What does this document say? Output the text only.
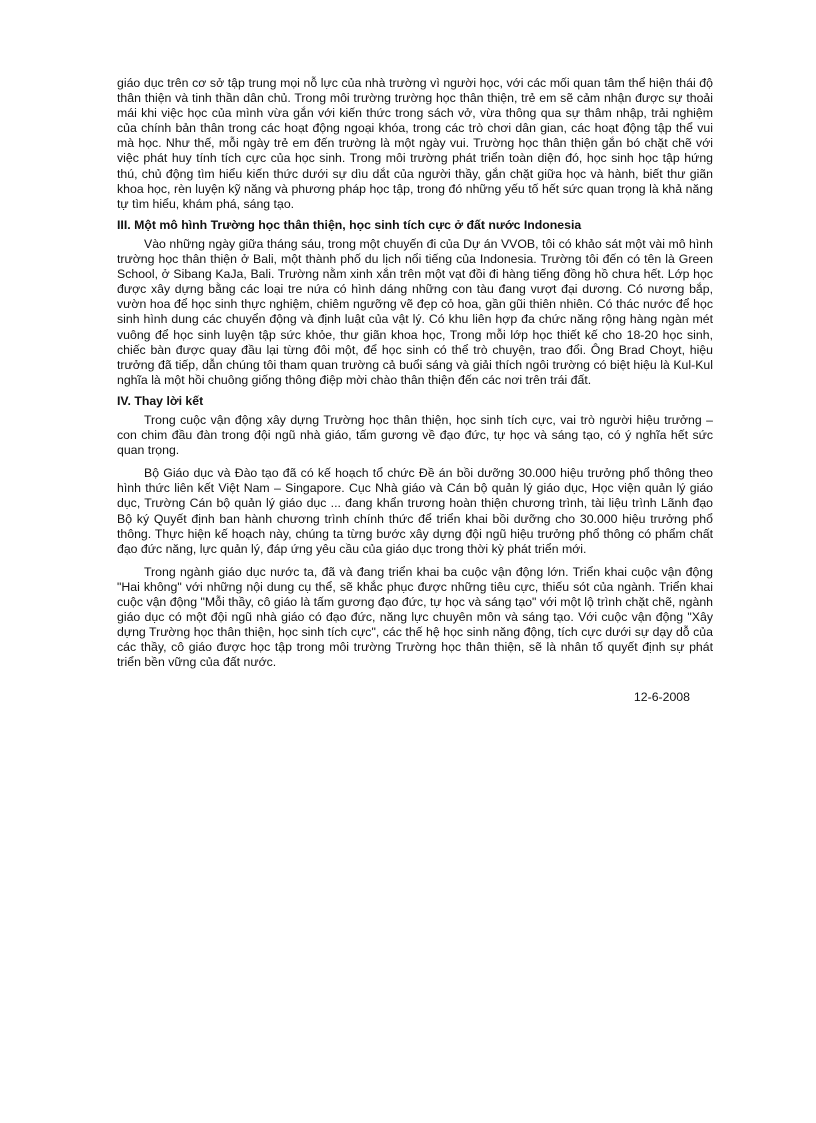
giáo dục trên cơ sở tập trung mọi nỗ lực của nhà trường vì người học, với các mối quan tâm thể hiện thái độ thân thiện và tinh thần dân chủ. Trong môi trường trường học thân thiện, trẻ em sẽ cảm nhận được sự thoải mái khi việc học của mình vừa gắn với kiến thức trong sách vở, vừa thông qua sự thâm nhập, trải nghiệm của chính bản thân trong các hoạt động ngoại khóa, trong các trò chơi dân gian, các hoạt động tập thể vui mà học. Như thế, mỗi ngày trẻ em đến trường là một ngày vui. Trường học thân thiện gắn bó chặt chẽ với việc phát huy tính tích cực của học sinh. Trong môi trường phát triển toàn diện đó, học sinh học tập hứng thú, chủ động tìm hiểu kiến thức dưới sự dìu dắt của người thầy, gắn chặt giữa học và hành, biết thư giãn khoa học, rèn luyện kỹ năng và phương pháp học tập, trong đó những yếu tố hết sức quan trọng là khả năng tự tìm hiểu, khám phá, sáng tạo.

III. Một mô hình Trường học thân thiện, học sinh tích cực ở đất nước Indonesia

Vào những ngày giữa tháng sáu, trong một chuyến đi của Dự án VVOB, tôi có khảo sát một vài mô hình trường học thân thiện ở Bali, một thành phố du lịch nổi tiếng của Indonesia. Trường tôi đến có tên là Green School, ở Sibang KaJa, Bali. Trường nằm xinh xắn trên một vạt đồi đi hàng tiếng đồng hồ chưa hết. Lớp học được xây dựng bằng các loại tre nứa có hình dáng những con tàu đang vượt đại dương. Có nương bắp, vườn hoa để học sinh thực nghiệm, chiêm ngưỡng vẽ đẹp cỏ hoa, gần gũi thiên nhiên. Có thác nước để học sinh hình dung các chuyển động và định luật của vật lý. Có khu liên hợp đa chức năng rộng hàng ngàn mét vuông để học sinh luyện tập sức khỏe, thư giãn khoa học, Trong mỗi lớp học thiết kế cho 18-20 học sinh, chiếc bàn được quay đầu lại từng đôi một, để học sinh có thể trò chuyện, trao đổi. Ông Brad Choyt, hiệu trưởng đã tiếp, dẫn chúng tôi tham quan trường cả buổi sáng và giải thích ngôi trường có biệt hiệu là Kul-Kul nghĩa là một hồi chuông giống thông điệp mời chào thân thiện đến các nơi trên trái đất.

IV. Thay lời kết

Trong cuộc vận động xây dựng Trường học thân thiện, học sinh tích cực, vai trò người hiệu trưởng – con chim đầu đàn trong đội ngũ nhà giáo, tấm gương về đạo đức, tự học và sáng tạo, có ý nghĩa hết sức quan trọng.

Bộ Giáo dục và Đào tạo đã có kế hoạch tổ chức Đề án bồi dưỡng 30.000 hiệu trưởng phổ thông theo hình thức liên kết Việt Nam – Singapore. Cục Nhà giáo và Cán bộ quản lý giáo dục, Học viện quản lý giáo dục, Trường Cán bộ quản lý giáo dục ... đang khẩn trương hoàn thiện chương trình, tài liệu trình Lãnh đạo Bộ ký Quyết định ban hành chương trình chính thức để triển khai bồi dưỡng cho 30.000 hiệu trưởng phổ thông. Thực hiện kế hoạch này, chúng ta từng bước xây dựng đội ngũ hiệu trưởng phổ thông có phẩm chất đạo đức năng, lực quản lý, đáp ứng yêu cầu của giáo dục trong thời kỳ phát triển mới.

Trong ngành giáo dục nước ta, đã và đang triển khai ba cuộc vận động lớn. Triển khai cuộc vận động "Hai không" với những nội dung cụ thể, sẽ khắc phục được những tiêu cực, thiếu sót của ngành. Triển khai cuộc vận động "Mỗi thầy, cô giáo là tấm gương đạo đức, tự học và sáng tạo" với một lộ trình chặt chẽ, ngành giáo dục có một đội ngũ nhà giáo có đạo đức, năng lực chuyên môn và sáng tạo. Với cuộc vận động "Xây dựng Trường học thân thiện, học sinh tích cực", các thế hệ học sinh năng động, tích cực dưới sự dạy dỗ của các thầy, cô giáo được học tập trong môi trường Trường học thân thiện, sẽ là nhân tố quyết định sự phát triển bền vững của đất nước.

12-6-2008
